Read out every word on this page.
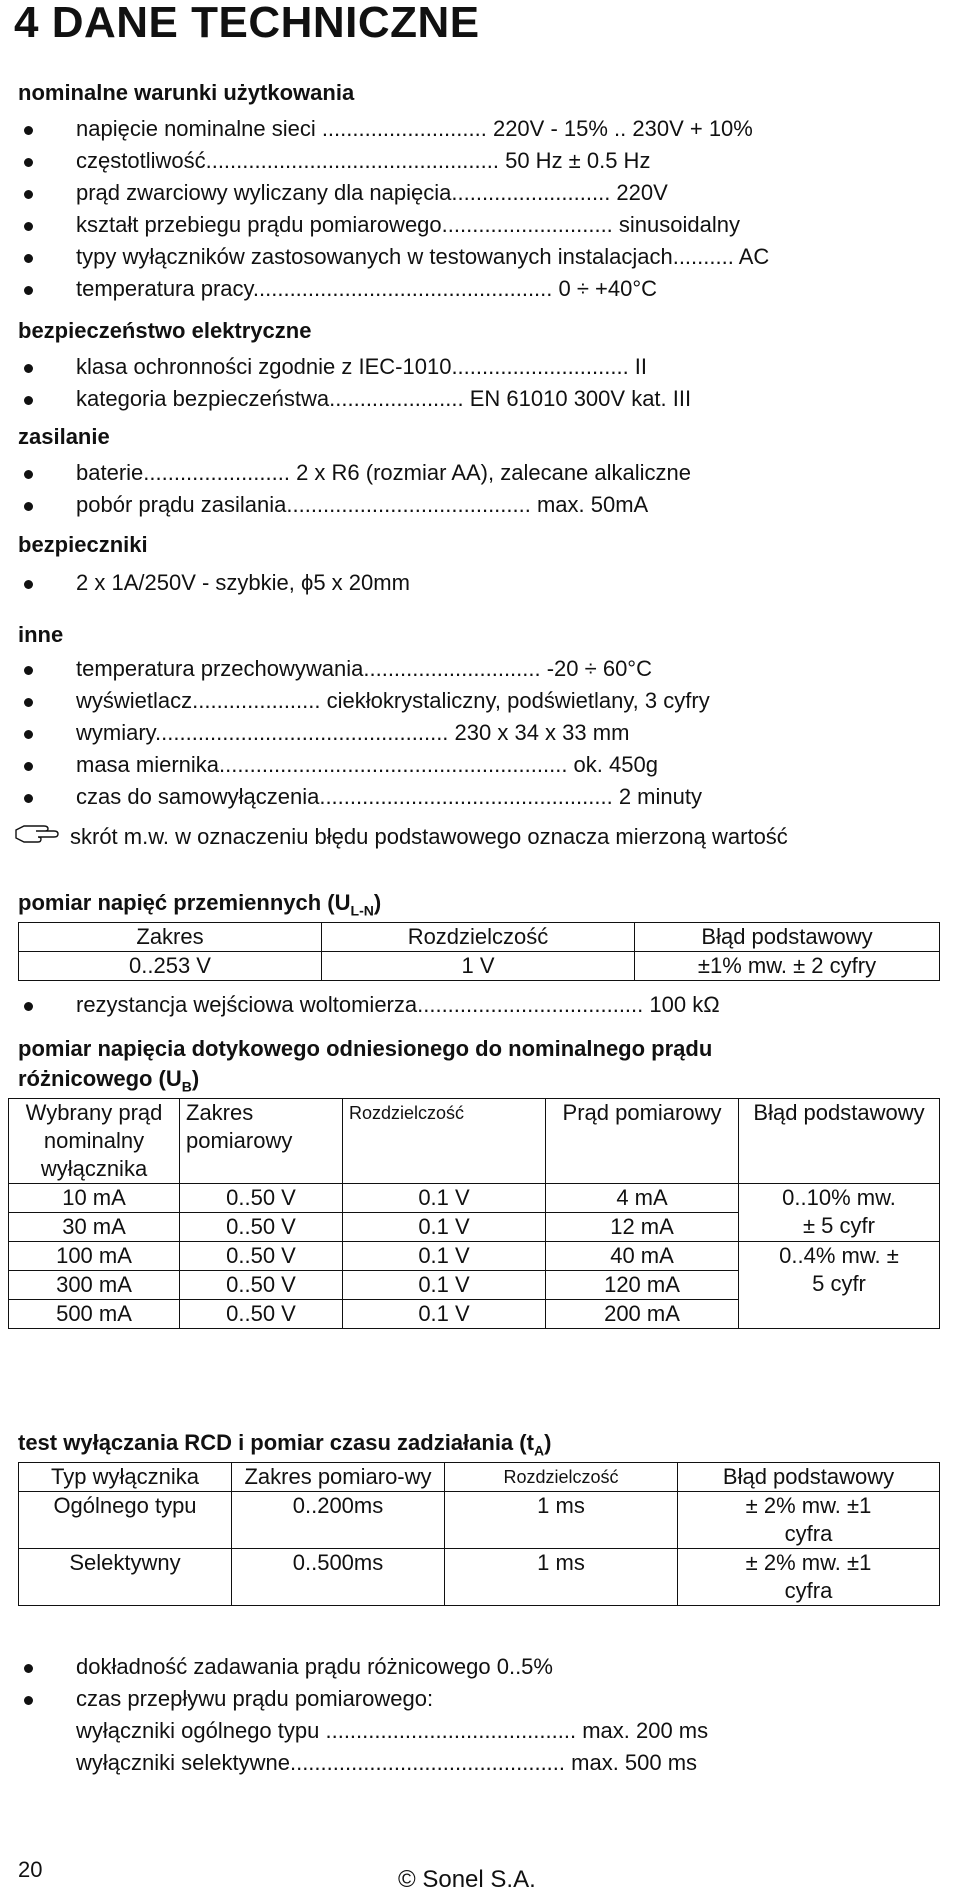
4 DANE TECHNICZNE
nominalne warunki użytkowania
napięcie nominalne sieci ........................... 220V - 15% .. 230V + 10%
częstotliwość................................................ 50 Hz ± 0.5 Hz
prąd zwarciowy wyliczany dla napięcia.......................... 220V
kształt przebiegu prądu pomiarowego............................ sinusoidalny
typy wyłączników zastosowanych w testowanych instalacjach.......... AC
temperatura pracy................................................. 0 ÷ +40°C
bezpieczeństwo elektryczne
klasa ochronności zgodnie z IEC-1010............................. II
kategoria bezpieczeństwa...................... EN 61010 300V kat. III
zasilanie
baterie........................ 2 x R6 (rozmiar AA), zalecane alkaliczne
pobór prądu zasilania........................................ max. 50mA
bezpieczniki
2 x 1A/250V - szybkie, ϕ5 x 20mm
inne
temperatura przechowywania............................. -20 ÷ 60°C
wyświetlacz..................... ciekłokrystaliczny, podświetlany, 3 cyfry
wymiary................................................ 230 x 34 x 33 mm
masa miernika......................................................... ok. 450g
czas do samowyłączenia................................................ 2 minuty
skrót m.w. w oznaczeniu błędu podstawowego oznacza mierzoną wartość
pomiar napięć przemiennych $(U_{L-N})$
Zakres	Rozdzielczość	Błąd podstawowy
0..253 V	1 V	±1% mw. ± 2 cyfry
rezystancja wejściowa woltomierza..................................... 100 kΩ
pomiar napięcia dotykowego odniesionego do nominalnego prądu
różnicowego $(U_B)$
Wybrany prąd nominalny wyłącznika	Zakres pomiarowy	Rozdzielczość	Prąd pomiarowy	Błąd podstawowy
10 mA	0..50 V	0.1 V	4 mA	0..10% mw. ± 5 cyfr
30 mA	0..50 V	0.1 V	12 mA	
100 mA	0..50 V	0.1 V	40 mA	0..4% mw. ± 5 cyfr
300 mA	0..50 V	0.1 V	120 mA	
500 mA	0..50 V	0.1 V	200 mA	
test wyłączania RCD i pomiar czasu zadziałania $(t_A)$
Typ wyłącznika	Zakres pomiaro-wy	Rozdzielczość	Błąd podstawowy
Ogólnego typu	0..200ms	1 ms	± 2% mw. ±1 cyfra
Selektywny	0..500ms	1 ms	± 2% mw. ±1 cyfra
dokładność zadawania prądu różnicowego 0..5%
czas przepływu prądu pomiarowego:
wyłączniki ogólnego typu ......................................... max. 200 ms
wyłączniki selektywne............................................. max. 500 ms
20	© Sonel S.A.
